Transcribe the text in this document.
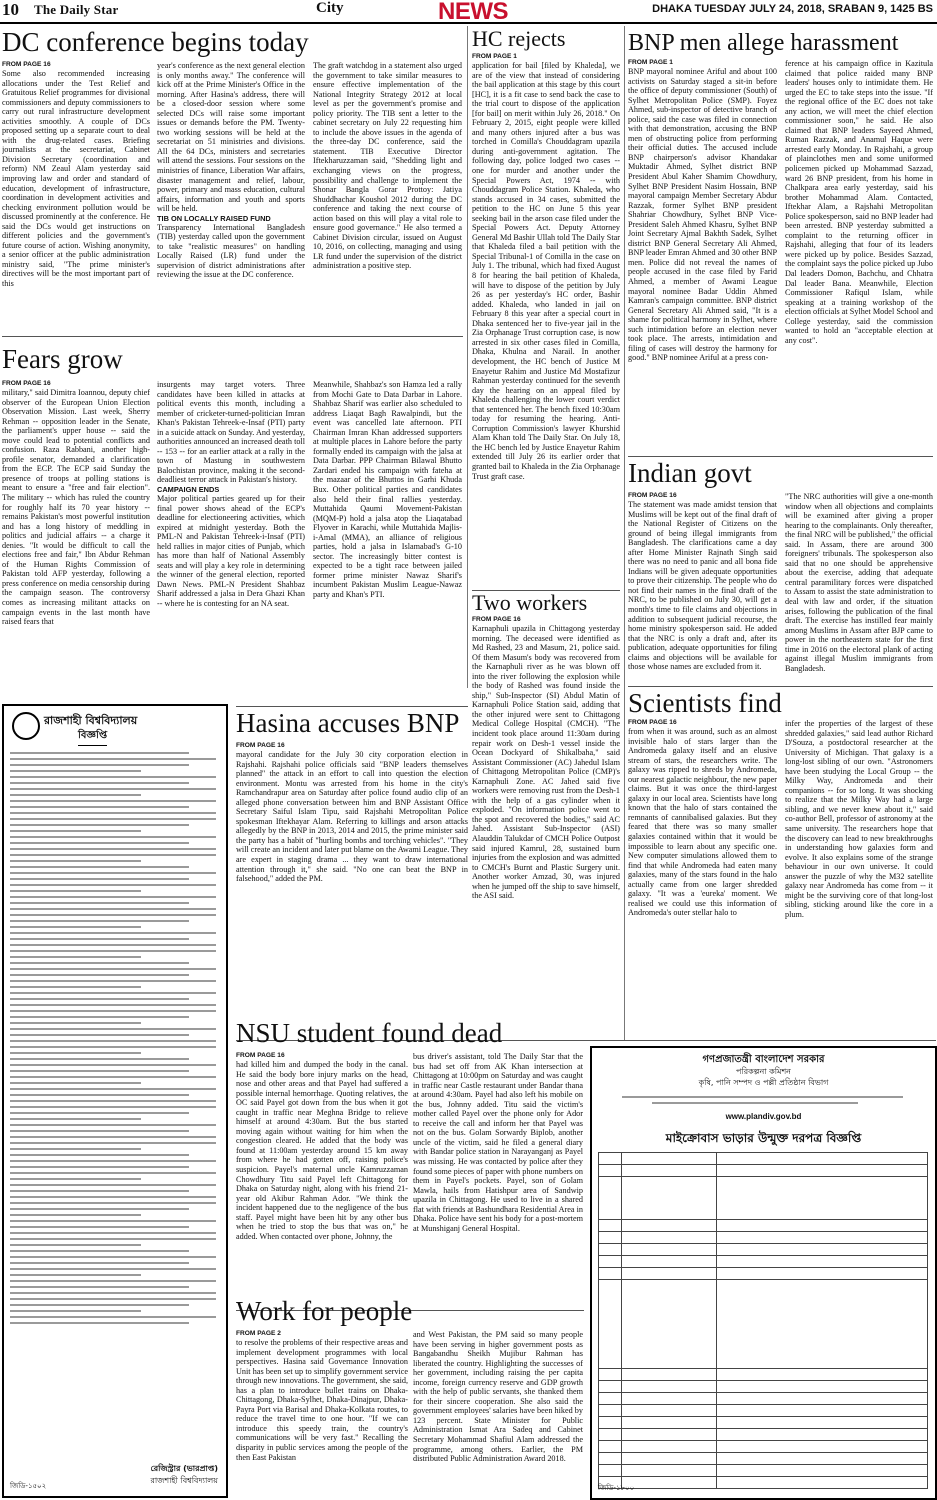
10 The Daily Star	City	NEWS	DHAKA TUESDAY JULY 24, 2018, SRABAN 9, 1425 BS
DC conference begins today
FROM PAGE 16

Some also recommended increasing allocations under the Test Relief and Gratuitous Relief programmes for divisional commissioners and deputy commissioners to carry out rural infrastructure development activities smoothly. A couple of DCs proposed setting up a separate court to deal with the drug-related cases. Briefing journalists at the secretariat, Cabinet Division Secretary (coordination and reform) NM Zeaul Alam yesterday said improving law and order and standard of education, development of infrastructure, coordination in development activities and checking environment pollution would be discussed prominently at the conference. He said the DCs would get instructions on different policies and the government's future course of action. Wishing anonymity, a senior officer at the public administration ministry said, "The prime minister's directives will be the most important part of this

year's conference as the next general election is only months away." The conference will kick off at the Prime Minister's Office in the morning. After Hasina's address, there will be a closed-door session where some selected DCs will raise some important issues or demands before the PM. Twenty-two working sessions will be held at the secretariat on 51 ministries and divisions. All the 64 DCs, ministers and secretaries will attend the sessions. Four sessions on the ministries of finance, Liberation War affairs, disaster management and relief, labour, power, primary and mass education, cultural affairs, information and youth and sports will be held.

TIB ON LOCALLY RAISED FUND

Transparency International Bangladesh (TIB) yesterday called upon the government to take "realistic measures" on handling Locally Raised (LR) fund under the supervision of district administrations after reviewing the issue at the DC conference.

The graft watchdog in a statement also urged the government to take similar measures to ensure effective implementation of the National Integrity Strategy 2012 at local level as per the government's promise and policy priority. The TIB sent a letter to the cabinet secretary on July 22 requesting him to include the above issues in the agenda of the three-day DC conference, said the statement. TIB Executive Director Iftekharuzzaman said, "Shedding light and exchanging views on the progress, possibility and challenge to implement the Shonar Bangla Gorar Prottoy: Jatiya Shuddhachar Koushol 2012 during the DC conference and taking the next course of action based on this will play a vital role to ensure good governance." He also termed a Cabinet Division circular, issued on August 10, 2016, on collecting, managing and using LR fund under the supervision of the district administration a positive step.

Fears grow
FROM PAGE 16

military," said Dimitra Ioannou, deputy chief observer of the European Union Election Observation Mission. Last week, Sherry Rehman -- opposition leader in the Senate, the parliament's upper house -- said the move could lead to potential conflicts and confusion. Raza Rabbani, another high-profile senator, demanded a clarification from the ECP. The ECP said Sunday the presence of troops at polling stations is meant to ensure a "free and fair election". The military -- which has ruled the country for roughly half its 70 year history -- remains Pakistan's most powerful institution and has a long history of meddling in politics and judicial affairs -- a charge it denies. "It would be difficult to call the elections free and fair," Ibn Abdur Rehman of the Human Rights Commission of Pakistan told AFP yesterday, following a press conference on media censorship during the campaign season. The controversy comes as increasing militant attacks on campaign events in the last month have raised fears that

insurgents may target voters. Three candidates have been killed in attacks at political events this month, including a member of cricketer-turned-politician Imran Khan's Pakistan Tehreek-e-Insaf (PTI) party in a suicide attack on Sunday. And yesterday, authorities announced an increased death toll -- 153 -- for an earlier attack at a rally in the town of Mastung in southwestern Balochistan province, making it the second-deadliest terror attack in Pakistan's history.

CAMPAIGN ENDS

Major political parties geared up for their final power shows ahead of the ECP's deadline for electioneering activities, which expired at midnight yesterday. Both the PML-N and Pakistan Tehreek-i-Insaf (PTI) held rallies in major cities of Punjab, which has more than half of National Assembly seats and will play a key role in determining the winner of the general election, reported Dawn News. PML-N President Shahbaz Sharif addressed a jalsa in Dera Ghazi Khan -- where he is contesting for an NA seat.

Meanwhile, Shahbaz's son Hamza led a rally from Mochi Gate to Data Darbar in Lahore. Shahbaz Sharif was earlier also scheduled to address Liaqat Bagh Rawalpindi, but the event was cancelled late afternoon. PTI Chairman Imran Khan addressed supporters at multiple places in Lahore before the party formally ended its campaign with the jalsa at Data Darbar. PPP Chairman Bilawal Bhutto Zardari ended his campaign with fateha at the mazaar of the Bhuttos in Garhi Khuda Bux. Other political parties and candidates also held their final rallies yesterday. Muttahida Qaumi Movement-Pakistan (MQM-P) hold a jalsa atop the Liaqatabad Flyover in Karachi, while Muttahida Majlis-i-Amal (MMA), an alliance of religious parties, hold a jalsa in Islamabad's G-10 sector. The increasingly bitter contest is expected to be a tight race between jailed former prime minister Nawaz Sharif's incumbent Pakistan Muslim League-Nawaz party and Khan's PTI.

HC rejects
FROM PAGE 1

application for bail [filed by Khaleda], we are of the view that instead of considering the bail application at this stage by this court [HC], it is a fit case to send back the case to the trial court to dispose of the application [for bail] on merit within July 26, 2018." On February 2, 2015, eight people were killed and many others injured after a bus was torched in Comilla's Chouddagram upazila during anti-government agitation. The following day, police lodged two cases -- one for murder and another under the Special Powers Act, 1974 -- with Chouddagram Police Station. Khaleda, who stands accused in 34 cases, submitted the petition to the HC on June 5 this year seeking bail in the arson case filed under the Special Powers Act. Deputy Attorney General Md Bashir Ullah told The Daily Star that Khaleda filed a bail petition with the Special Tribunal-1 of Comilla in the case on July 1. The tribunal, which had fixed August 8 for hearing the bail petition of Khaleda, will have to dispose of the petition by July 26 as per yesterday's HC order, Bashir added. Khaleda, who landed in jail on February 8 this year after a special court in Dhaka sentenced her to five-year jail in the Zia Orphanage Trust corruption case, is now arrested in six other cases filed in Comilla, Dhaka, Khulna and Narail. In another development, the HC bench of Justice M Enayetur Rahim and Justice Md Mostafizur Rahman yesterday continued for the seventh day the hearing on an appeal filed by Khaleda challenging the lower court verdict that sentenced her. The bench fixed 10:30am today for resuming the hearing. Anti-Corruption Commission's lawyer Khurshid Alam Khan told The Daily Star. On July 18, the HC bench led by Justice Enayetur Rahim extended till July 26 its earlier order that granted bail to Khaleda in the Zia Orphanage Trust graft case.

Two workers
FROM PAGE 16

Karnaphuli upazila in Chittagong yesterday morning. The deceased were identified as Md Rashed, 23 and Masum, 21, police said. Of them Masum's body was recovered from the Karnaphuli river as he was blown off into the river following the explosion while the body of Rashed was found inside the ship," Sub-Inspector (SI) Abdul Matin of Karnaphuli Police Station said, adding that the other injured were sent to Chittagong Medical College Hospital (CMCH). "The incident took place around 11:30am during repair work on Desh-1 vessel inside the Ocean Dockyard of Shikalbaha," said Assistant Commissioner (AC) Jahedul Islam of Chittagong Metropolitan Police (CMP)'s Karnaphuli Zone. AC Jahed said five workers were removing rust from the Desh-1 with the help of a gas cylinder when it exploded. "On information police went to the spot and recovered the bodies," said AC Jahed. Assistant Sub-Inspector (ASI) Alauddin Talukdar of CMCH Police Outpost said injured Kamrul, 28, sustained burn injuries from the explosion and was admitted to CMCH's Burnt and Plastic Surgery unit. Another worker Amzad, 30, was injured when he jumped off the ship to save himself, the ASI said.

BNP men allege harassment
FROM PAGE 1

BNP mayoral nominee Ariful and about 100 activists on Saturday staged a sit-in before the office of deputy commissioner (South) of Sylhet Metropolitan Police (SMP). Foyez Ahmed, sub-inspector of detective branch of police, said the case was filed in connection with that demonstration, accusing the BNP men of obstructing police from performing their official duties. The accused include BNP chairperson's advisor Khandakar Muktadir Ahmed, Sylhet district BNP President Abul Kaher Shamim Chowdhury, Sylhet BNP President Nasim Hossain, BNP mayoral campaign Member Secretary Abdur Razzak, former Sylhet BNP president Shahriar Chowdhury, Sylhet BNP Vice-President Saleh Ahmed Khasru, Sylhet BNP Joint Secretary Ajmal Bakhth Sadek, Sylhet district BNP General Secretary Ali Ahmed, BNP leader Emran Ahmed and 30 other BNP men. Police did not reveal the names of people accused in the case filed by Farid Ahmed, a member of Awami League mayoral nominee Badar Uddin Ahmed Kamran's campaign committee. BNP district General Secretary Ali Ahmed said, "It is a shame for political harmony in Sylhet, where such intimidation before an election never took place. The arrests, intimidation and filing of cases will destroy the harmony for good." BNP nominee Ariful at a press con-

ference at his campaign office in Kazitula claimed that police raided many BNP leaders' houses only to intimidate them. He urged the EC to take steps into the issue. "If the regional office of the EC does not take any action, we will meet the chief election commissioner soon," he said. He also claimed that BNP leaders Sayeed Ahmed, Ruman Razzak, and Anamul Haque were arrested early Monday. In Rajshahi, a group of plainclothes men and some uniformed policemen picked up Mohammad Sazzad, ward 26 BNP president, from his home in Chalkpara area early yesterday, said his brother Mohammad Alam. Contacted, Iftekhar Alam, a Rajshahi Metropolitan Police spokesperson, said no BNP leader had been arrested. BNP yesterday submitted a complaint to the returning officer in Rajshahi, alleging that four of its leaders were picked up by police. Besides Sazzad, the complaint says the police picked up Jubo Dal leaders Domon, Bachchu, and Chhatra Dal leader Bana. Meanwhile, Election Commissioner Rafiqul Islam, while speaking at a training workshop of the election officials at Sylhet Model School and College yesterday, said the commission wanted to hold an "acceptable election at any cost".

Indian govt
FROM PAGE 16

The statement was made amidst tension that Muslims will be kept out of the final draft of the National Register of Citizens on the ground of being illegal immigrants from Bangladesh. The clarifications came a day after Home Minister Rajnath Singh said there was no need to panic and all bona fide Indians will be given adequate opportunities to prove their citizenship. The people who do not find their names in the final draft of the NRC, to be published on July 30, will get a month's time to file claims and objections in addition to subsequent judicial recourse, the home ministry spokesperson said. He added that the NRC is only a draft and, after its publication, adequate opportunities for filing claims and objections will be available for those whose names are excluded from it.

"The NRC authorities will give a one-month window when all objections and complaints will be examined after giving a proper hearing to the complainants. Only thereafter, the final NRC will be published," the official said. In Assam, there are around 300 foreigners' tribunals. The spokesperson also said that no one should be apprehensive about the exercise, adding that adequate central paramilitary forces were dispatched to Assam to assist the state administration to deal with law and order, if the situation arises, following the publication of the final draft. The exercise has instilled fear mainly among Muslims in Assam after BJP came to power in the northeastern state for the first time in 2016 on the electoral plank of acting against illegal Muslim immigrants from Bangladesh.

Scientists find
FROM PAGE 16

from when it was around, such as an almost invisible halo of stars larger than the Andromeda galaxy itself and an elusive stream of stars, the researchers write. The galaxy was ripped to shreds by Andromeda, our nearest galactic neighbour, the new paper claims. But it was once the third-largest galaxy in our local area. Scientists have long known that the halo of stars contained the remnants of cannibalised galaxies. But they feared that there was so many smaller galaxies contained within that it would be impossible to learn about any specific one. New computer simulations allowed them to find that while Andromeda had eaten many galaxies, many of the stars found in the halo actually came from one larger shredded galaxy. "It was a 'eureka' moment. We realised we could use this information of Andromeda's outer stellar halo to

infer the properties of the largest of these shredded galaxies," said lead author Richard D'Souza, a postdoctoral researcher at the University of Michigan. That galaxy is a long-lost sibling of our own. "Astronomers have been studying the Local Group -- the Milky Way, Andromeda and their companions -- for so long. It was shocking to realize that the Milky Way had a large sibling, and we never knew about it," said co-author Bell, professor of astronomy at the same university. The researchers hope that the discovery can lead to new breakthroughs in understanding how galaxies form and evolve. It also explains some of the strange behaviour in our own universe. It could answer the puzzle of why the M32 satellite galaxy near Andromeda has come from -- it might be the surviving core of that long-lost sibling, sticking around like the core in a plum.

Hasina accuses BNP
FROM PAGE 16

mayoral candidate for the July 30 city corporation election in Rajshahi. Rajshahi police officials said "BNP leaders themselves planned" the attack in an effort to call into question the election environment. Montu was arrested from his home in the city's Ramchandrapur area on Saturday after police found audio clip of an alleged phone conversation between him and BNP Assistant Office Secretary Saiful Islam Tipu, said Rajshahi Metropolitan Police spokesman Iftekhayar Alam. Referring to killings and arson attacks allegedly by the BNP in 2013, 2014 and 2015, the prime minister said the party has a habit of "hurling bombs and torching vehicles". "They will create an incident and later put blame on the Awami League. They are expert in staging drama ... they want to draw international attention through it," she said. "No one can beat the BNP in falsehood," added the PM.

NSU student found dead
FROM PAGE 16

had killed him and dumped the body in the canal. He said the body bore injury marks on the head, nose and other areas and that Payel had suffered a possible internal hemorrhage. Quoting relatives, the OC said Payel got down from the bus when it got caught in traffic near Meghna Bridge to relieve himself at around 4:30am. But the bus started moving again without waiting for him when the congestion cleared. He added that the body was found at 11:00am yesterday around 15 km away from where he had gotten off, raising police's suspicion. Payel's maternal uncle Kamruzzaman Chowdhury Titu said Payel left Chittagong for Dhaka on Saturday night, along with his friend 21-year old Akibur Rahman Ador. "We think the incident happened due to the negligence of the bus staff. Payel might have been hit by any other bus when he tried to stop the bus that was on," he added. When contacted over phone, Johnny, the

bus driver's assistant, told The Daily Star that the bus had set off from AK Khan intersection at Chittagong at 10:00pm on Saturday and was caught in traffic near Castle restaurant under Bandar thana at around 4:30am. Payel had also left his mobile on the bus, Johnny added. Titu said the victim's mother called Payel over the phone only for Ador to receive the call and inform her that Payel was not on the bus. Golam Sorwardy Biplob, another uncle of the victim, said he filed a general diary with Bandar police station in Narayanganj as Payel was missing. He was contacted by police after they found some pieces of paper with phone numbers on them in Payel's pockets. Payel, son of Golam Mawla, hails from Hatishpur area of Sandwip upazila in Chittagong. He used to live in a shared flat with friends at Bashundhara Residential Area in Dhaka. Police have sent his body for a post-mortem at Munshiganj General Hospital.

Work for people
FROM PAGE 2

to resolve the problems of their respective areas and implement development programmes with local perspectives. Hasina said Governance Innovation Unit has been set up to simplify government service through new innovations. The government, she said, has a plan to introduce bullet trains on Dhaka-Chittagong, Dhaka-Sylhet, Dhaka-Dinajpur, Dhaka-Payra Port via Barisal and Dhaka-Kolkata routes, to reduce the travel time to one hour. "If we can introduce this speedy train, the country's communications will be very fast." Recalling the disparity in public services among the people of the then East Pakistan

and West Pakistan, the PM said so many people have been serving in higher government posts as Bangabandhu Sheikh Mujibur Rahman has liberated the country. Highlighting the successes of her government, including raising the per capita income, foreign currency reserve and GDP growth with the help of public servants, she thanked them for their sincere cooperation. She also said the government employees' salaries have been hiked by 123 percent. State Minister for Public Administration Ismat Ara Sadeq and Cabinet Secretary Mohammad Shafiul Alam addressed the programme, among others. Earlier, the PM distributed Public Administration Award 2018.

রাজশাহী বিশ্ববিদ্যালয়
বিজ্ঞপ্তি
রেজিস্ট্রার (ভারপ্রাপ্ত)
রাজশাহী বিশ্ববিদ্যালয়
জিডি-১৫০২
গণপ্রজাতন্ত্রী বাংলাদেশ সরকার
পরিকল্পনা কমিশন
কৃষি, পানি সম্পদ ও পল্লী প্রতিষ্ঠান বিভাগ
www.plandiv.gov.bd
মাইক্রোবাস ভাড়ার উন্মুক্ত দরপত্র বিজ্ঞপ্তি

জিডি-১৮০০
